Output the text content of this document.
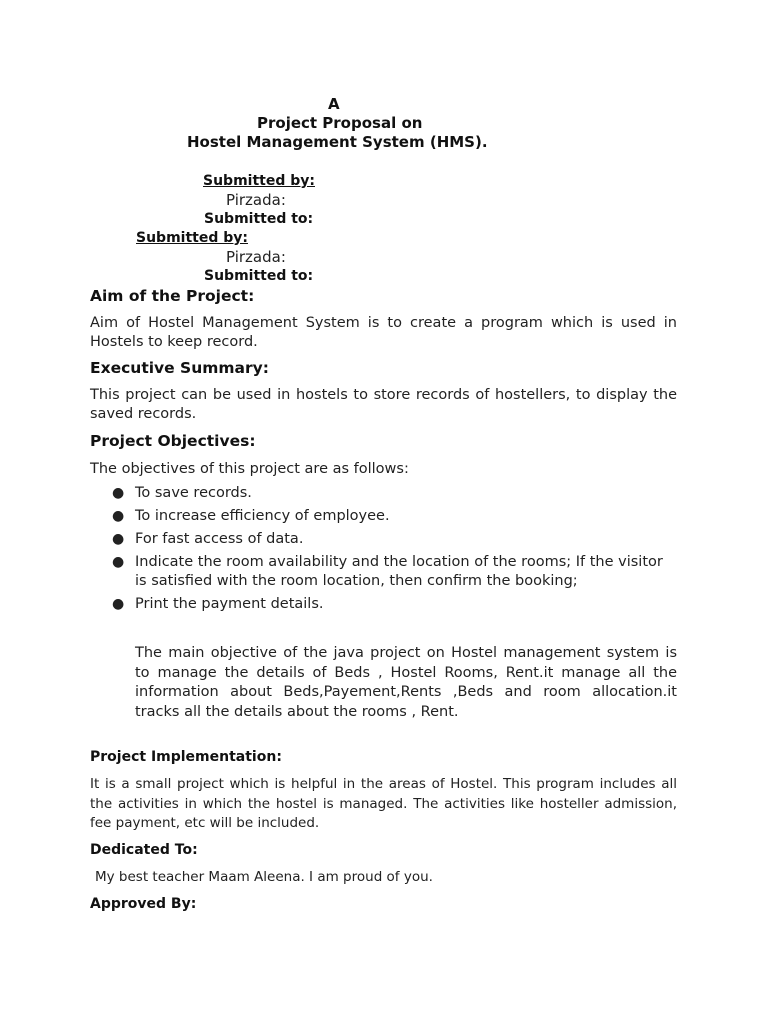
A
Project Proposal on
Hostel Management System (HMS).
Submitted by:
Pirzada:
Submitted to:
Submitted by:
Pirzada:
Submitted to:
Aim of the Project:

Aim of Hostel Management System is to create a program which is used in Hostels to keep record.

Executive Summary:

This project can be used in hostels to store records of hostellers, to display the saved records.

Project Objectives:

The objectives of this project are as follows:

● To save records.
● To increase efficiency of employee.
● For fast access of data.
● Indicate the room availability and the location of the rooms; If the visitor is satisfied with the room location, then confirm the booking;
● Print the payment details.

The main objective of the java project on Hostel management system is to manage the details of Beds , Hostel Rooms, Rent.it manage all the information about Beds,Payement,Rents ,Beds and room allocation.it tracks all the details about the rooms , Rent.

Project Implementation:

It is a small project which is helpful in the areas of Hostel. This program includes all the activities in which the hostel is managed. The activities like hosteller admission, fee payment, etc will be included.

Dedicated To:

My best teacher Maam Aleena. I am proud of you.

Approved By:
